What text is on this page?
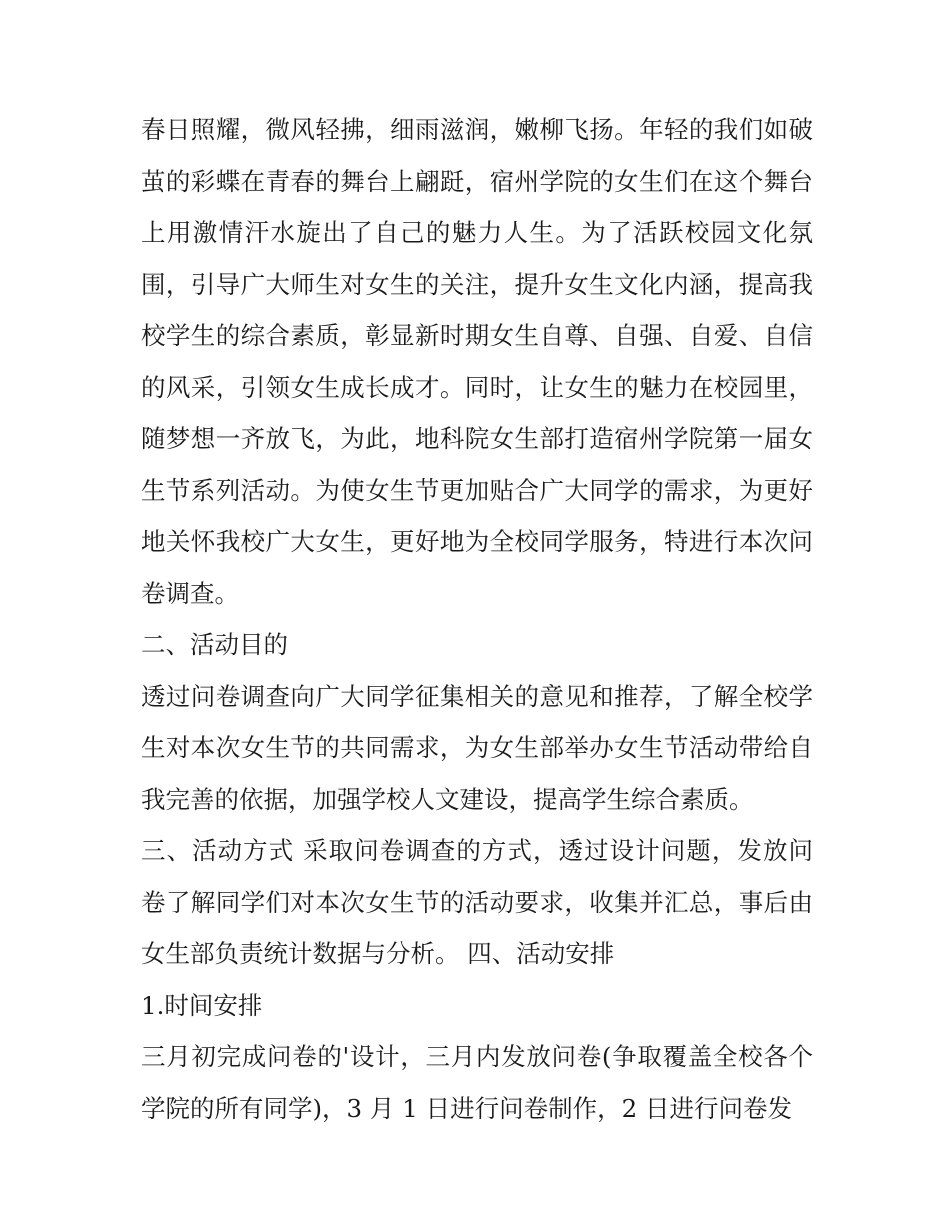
春日照耀，微风轻拂，细雨滋润，嫩柳飞扬。年轻的我们如破
茧的彩蝶在青春的舞台上翩跹，宿州学院的女生们在这个舞台
上用激情汗水旋出了自己的魅力人生。为了活跃校园文化氛
围，引导广大师生对女生的关注，提升女生文化内涵，提高我
校学生的综合素质，彰显新时期女生自尊、自强、自爱、自信
的风采，引领女生成长成才。同时，让女生的魅力在校园里，
随梦想一齐放飞，为此，地科院女生部打造宿州学院第一届女
生节系列活动。为使女生节更加贴合广大同学的需求，为更好
地关怀我校广大女生，更好地为全校同学服务，特进行本次问
卷调查。
二、活动目的
透过问卷调查向广大同学征集相关的意见和推荐，了解全校学
生对本次女生节的共同需求，为女生部举办女生节活动带给自
我完善的依据，加强学校人文建设，提高学生综合素质。
三、活动方式 采取问卷调查的方式，透过设计问题，发放问
卷了解同学们对本次女生节的活动要求，收集并汇总，事后由
女生部负责统计数据与分析。 四、活动安排
1.时间安排
三月初完成问卷的'设计，三月内发放问卷(争取覆盖全校各个
学院的所有同学)，3 月 1 日进行问卷制作，2 日进行问卷发
